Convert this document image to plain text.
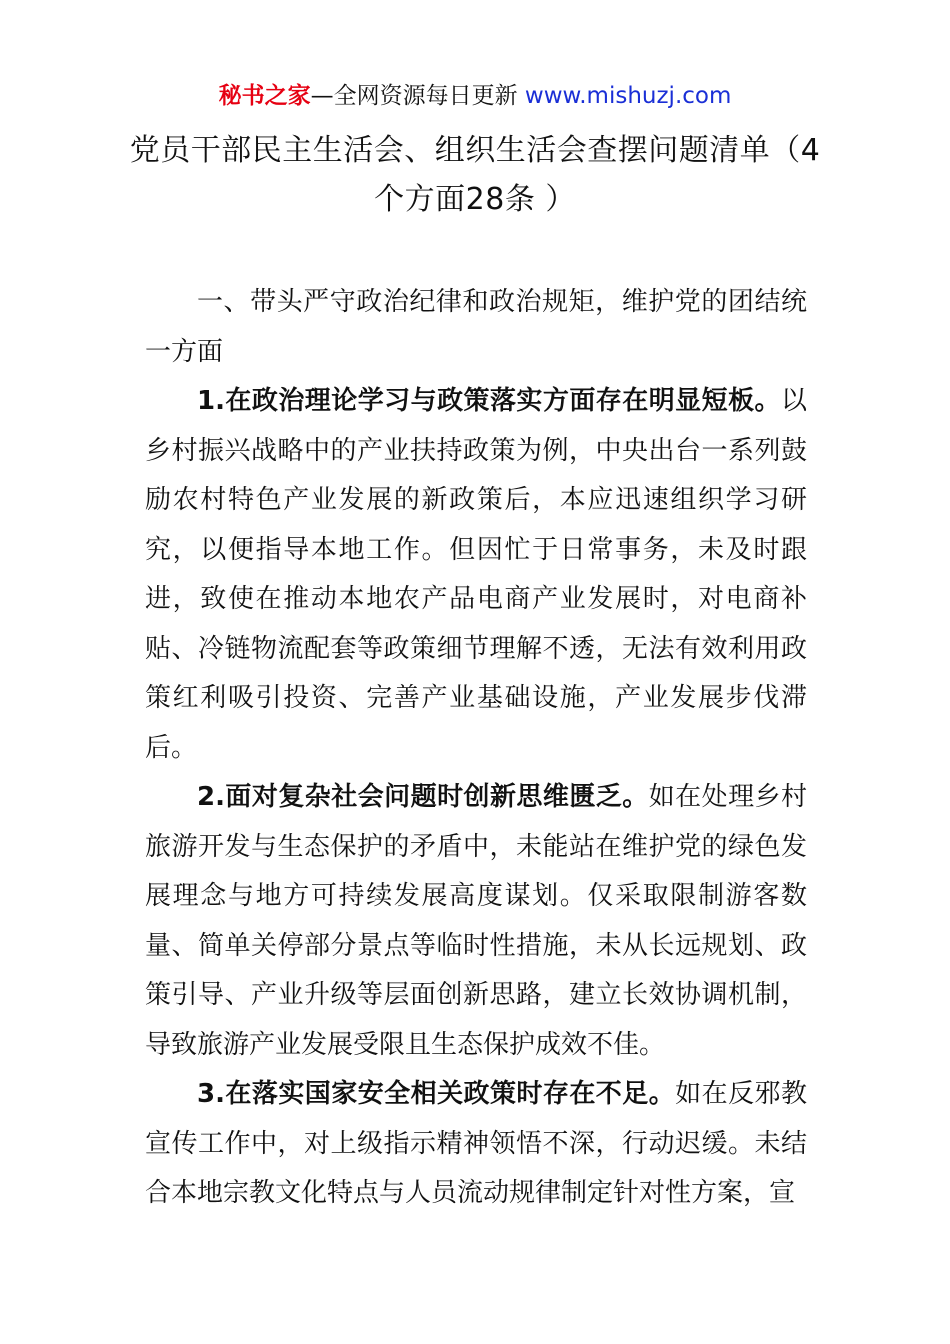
秘书之家—全网资源每日更新 www.mishuzj.com
党员干部民主生活会、组织生活会查摆问题清单（4个方面28条 ）

一、带头严守政治纪律和政治规矩，维护党的团结统一方面

1.在政治理论学习与政策落实方面存在明显短板。以乡村振兴战略中的产业扶持政策为例，中央出台一系列鼓励农村特色产业发展的新政策后，本应迅速组织学习研究，以便指导本地工作。但因忙于日常事务，未及时跟进，致使在推动本地农产品电商产业发展时，对电商补贴、冷链物流配套等政策细节理解不透，无法有效利用政策红利吸引投资、完善产业基础设施，产业发展步伐滞后。

2.面对复杂社会问题时创新思维匮乏。如在处理乡村旅游开发与生态保护的矛盾中，未能站在维护党的绿色发展理念与地方可持续发展高度谋划。仅采取限制游客数量、简单关停部分景点等临时性措施，未从长远规划、政策引导、产业升级等层面创新思路，建立长效协调机制，导致旅游产业发展受限且生态保护成效不佳。

3.在落实国家安全相关政策时存在不足。如在反邪教宣传工作中，对上级指示精神领悟不深，行动迟缓。未结合本地宗教文化特点与人员流动规律制定针对性方案，宣
